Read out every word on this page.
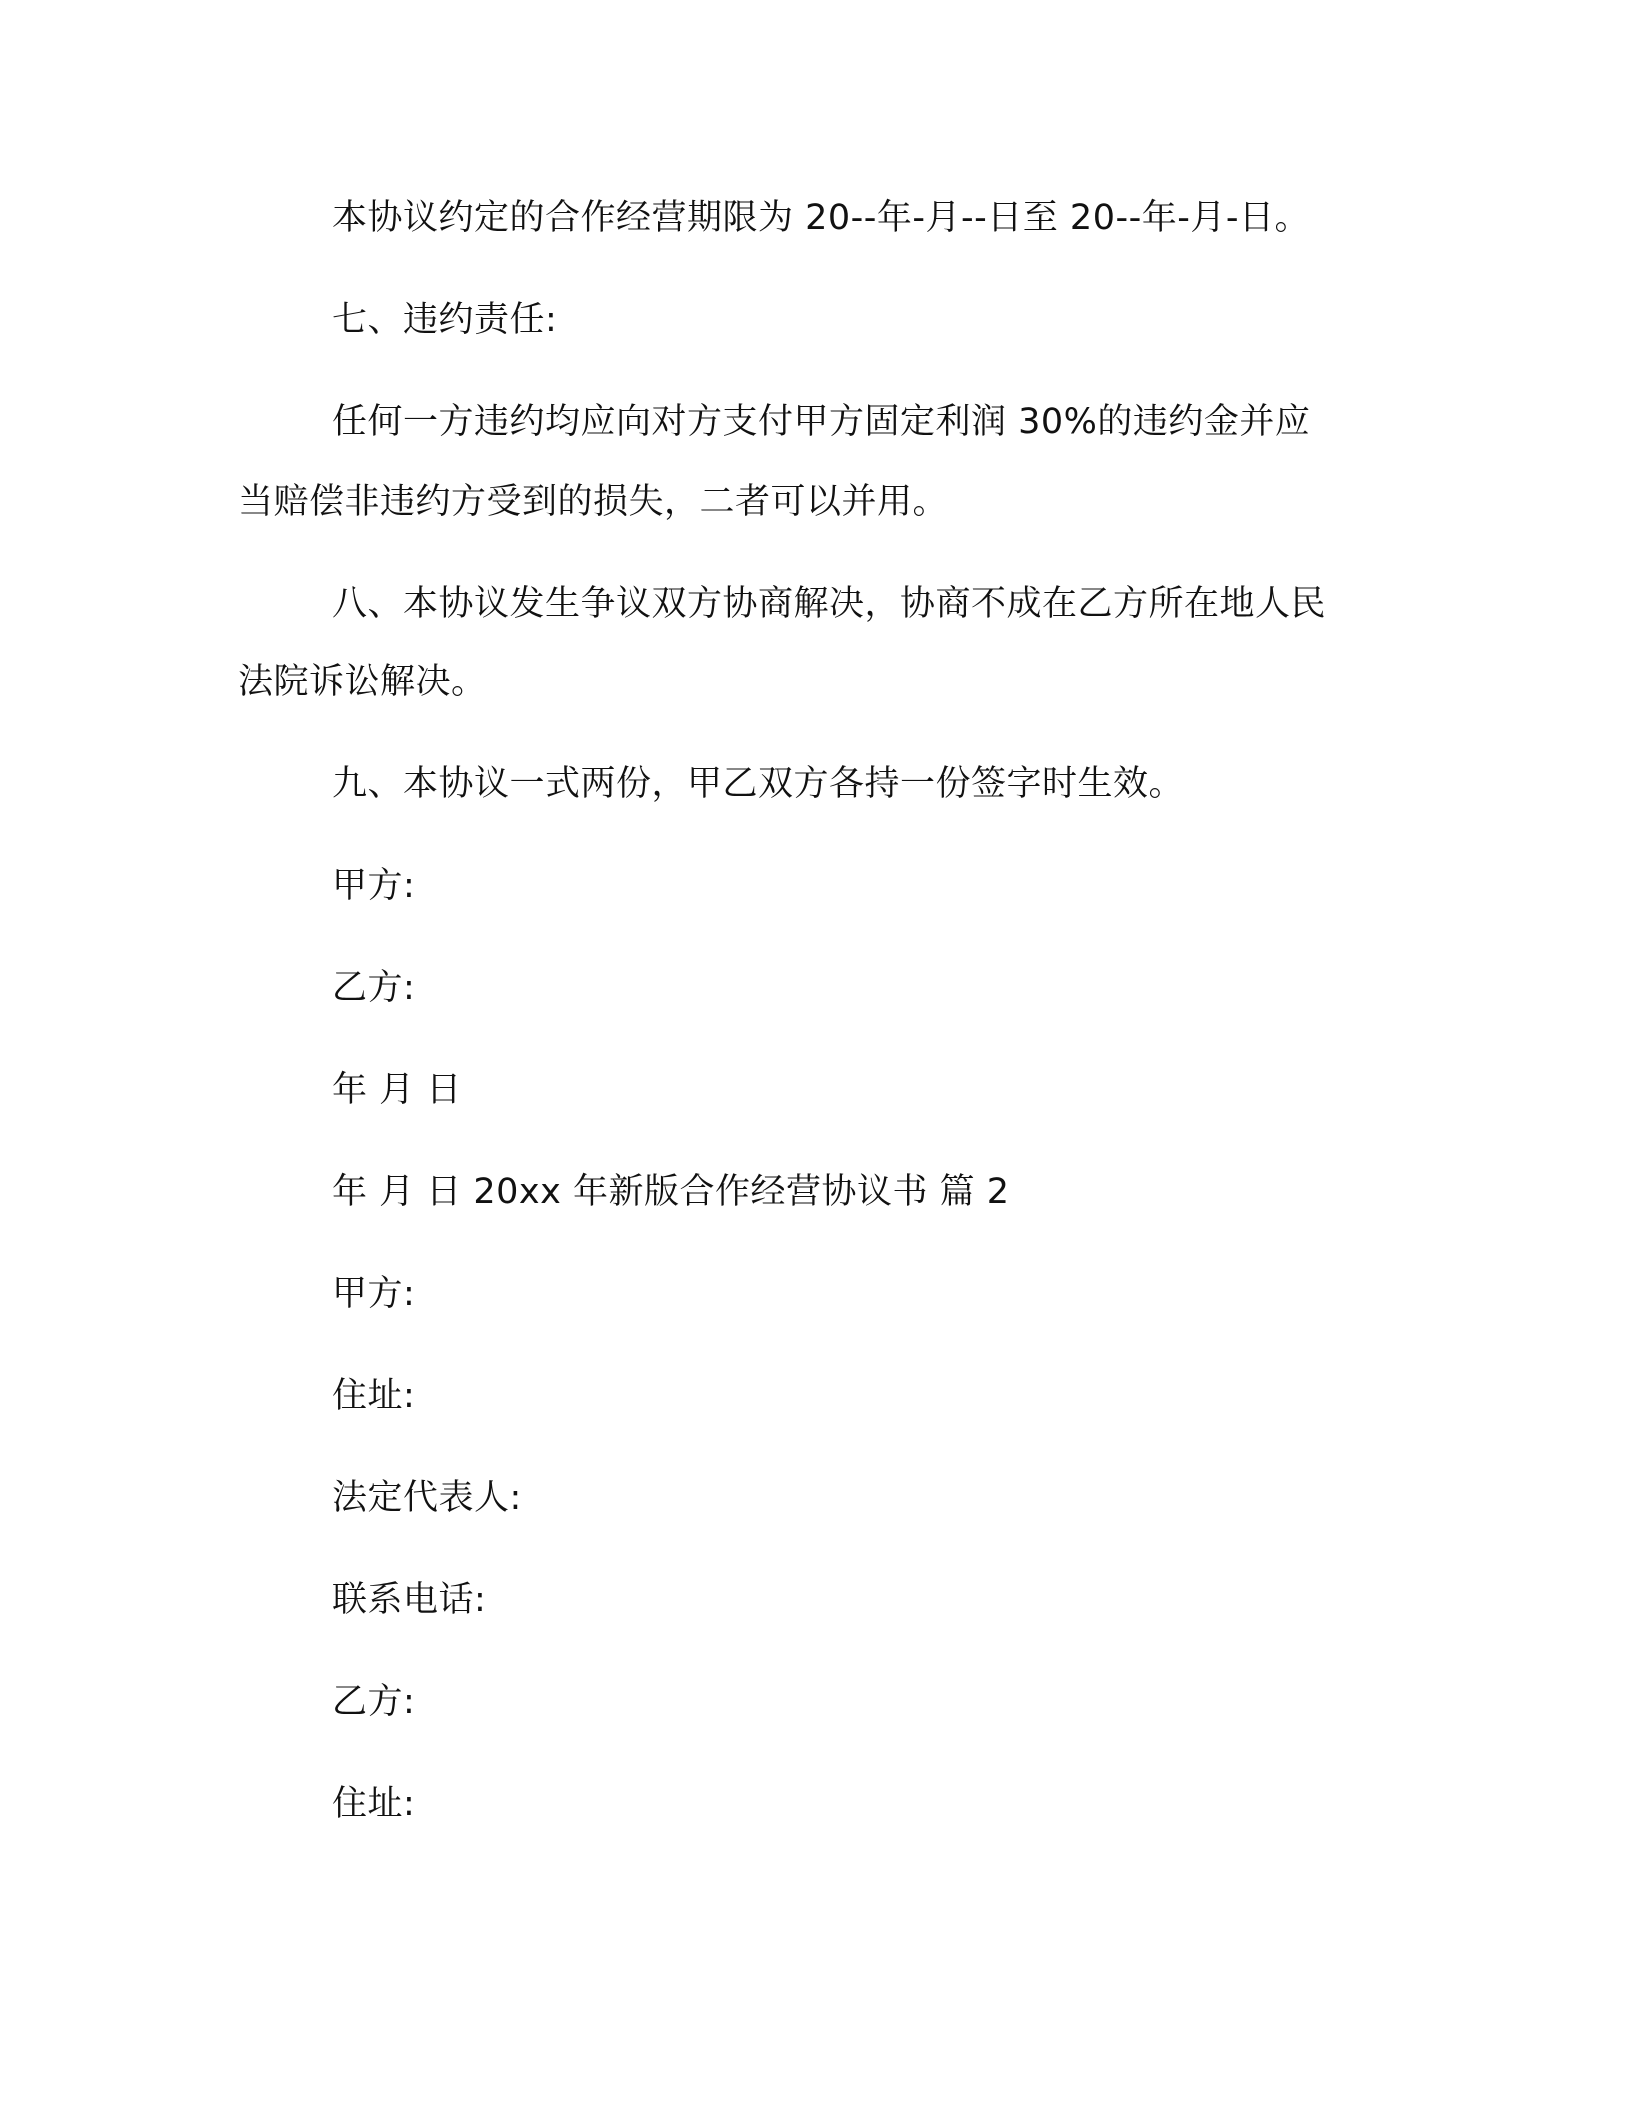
本协议约定的合作经营期限为 20--年-月--日至 20--年-月-日。

七、违约责任:

任何一方违约均应向对方支付甲方固定利润 30%的违约金并应

当赔偿非违约方受到的损失，二者可以并用。

八、本协议发生争议双方协商解决，协商不成在乙方所在地人民

法院诉讼解决。

九、本协议一式两份，甲乙双方各持一份签字时生效。

甲方:

乙方:

年 月 日

年 月 日 20xx 年新版合作经营协议书 篇 2

甲方:

住址:

法定代表人:

联系电话:

乙方:

住址:
